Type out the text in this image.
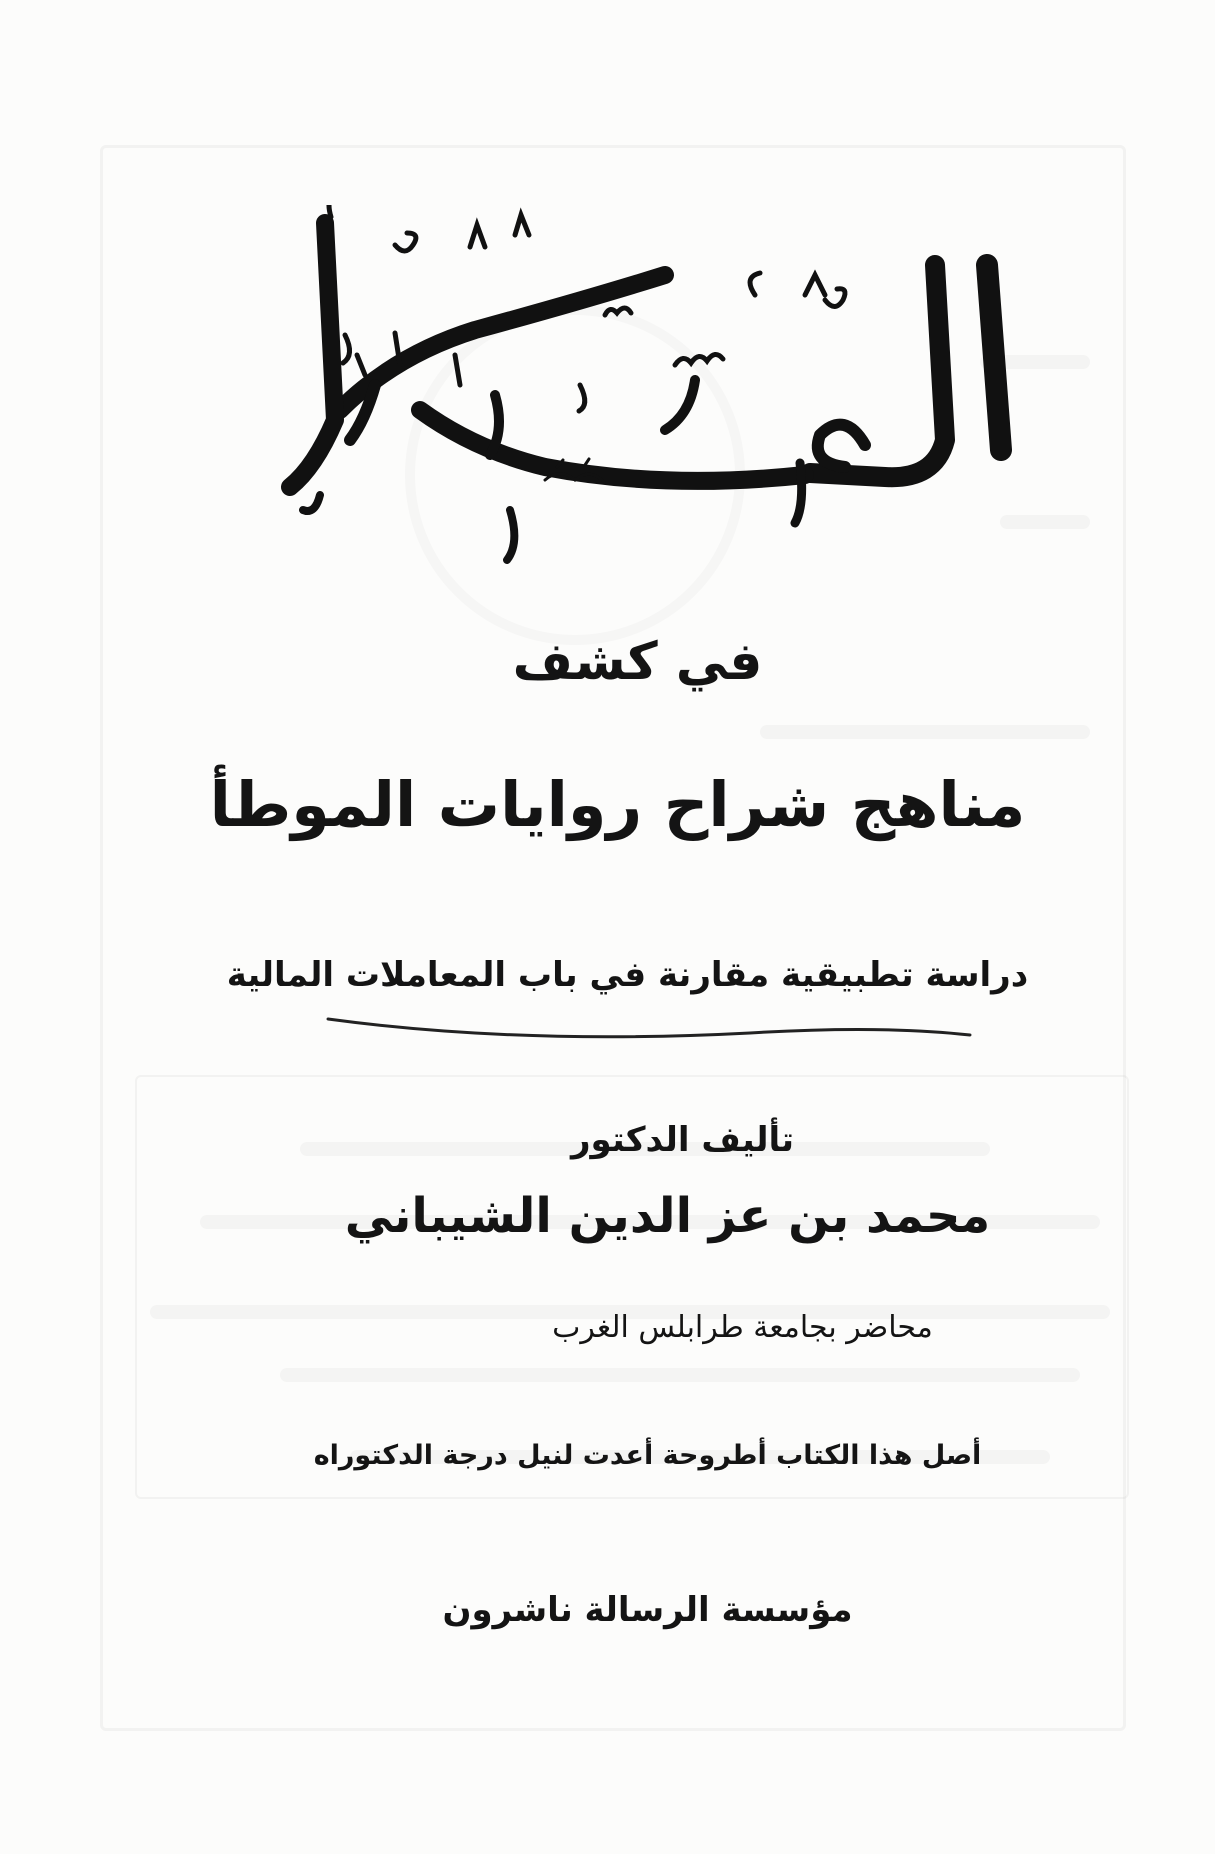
في كشف
مناهج شراح روايات الموطأ
دراسة تطبيقية مقارنة في باب المعاملات المالية
تأليف الدكتور
محمد بن عز الدين الشيباني
محاضر بجامعة طرابلس الغرب
أصل هذا الكتاب أطروحة أعدت لنيل درجة الدكتوراه
مؤسسة الرسالة ناشرون
